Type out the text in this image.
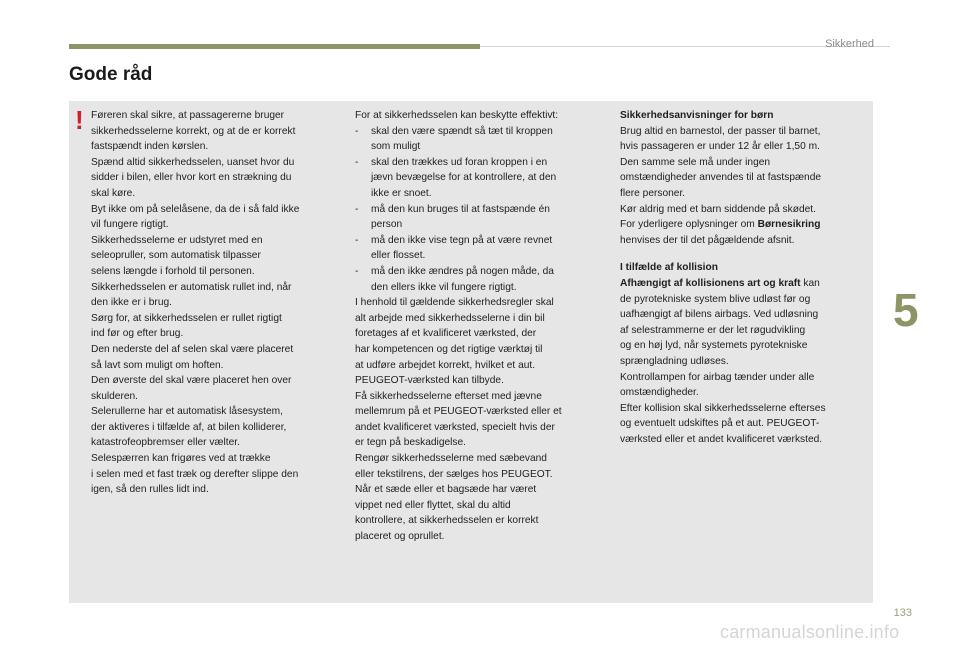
Sikkerhed
Gode råd
! Føreren skal sikre, at passagererne bruger

sikkerhedsselerne korrekt, og at de er korrekt

fastspændt inden kørslen.

Spænd altid sikkerhedsselen, uanset hvor du

sidder i bilen, eller hvor kort en strækning du

skal køre.

Byt ikke om på selelåsene, da de i så fald ikke

vil fungere rigtigt.

Sikkerhedsselerne er udstyret med en

seleopruller, som automatisk tilpasser

selens længde i forhold til personen.

Sikkerhedsselen er automatisk rullet ind, når

den ikke er i brug.

Sørg for, at sikkerhedsselen er rullet rigtigt

ind før og efter brug.

Den nederste del af selen skal være placeret

så lavt som muligt om hoften.

Den øverste del skal være placeret hen over

skulderen.

Selerullerne har et automatisk låsesystem,

der aktiveres i tilfælde af, at bilen kolliderer,

katastrofeopbremser eller vælter.

Selespærren kan frigøres ved at trække

i selen med et fast træk og derefter slippe den

igen, så den rulles lidt ind.

For at sikkerhedsselen kan beskytte effektivt:

-	skal den være spændt så tæt til kroppen

som muligt

-	skal den trækkes ud foran kroppen i en

jævn bevægelse for at kontrollere, at den

ikke er snoet.

-	må den kun bruges til at fastspænde én

person

-	må den ikke vise tegn på at være revnet

eller flosset.

-	må den ikke ændres på nogen måde, da

den ellers ikke vil fungere rigtigt.

I henhold til gældende sikkerhedsregler skal

alt arbejde med sikkerhedsselerne i din bil

foretages af et kvalificeret værksted, der

har kompetencen og det rigtige værktøj til

at udføre arbejdet korrekt, hvilket et aut.

PEUGEOT-værksted kan tilbyde.

Få sikkerhedsselerne efterset med jævne

mellemrum på et PEUGEOT-værksted eller et

andet kvalificeret værksted, specielt hvis der

er tegn på beskadigelse.

Rengør sikkerhedsselerne med sæbevand

eller tekstilrens, der sælges hos PEUGEOT.

Når et sæde eller et bagsæde har været

vippet ned eller flyttet, skal du altid

kontrollere, at sikkerhedsselen er korrekt

placeret og oprullet.

Sikkerhedsanvisninger for børn

Brug altid en barnestol, der passer til barnet,

hvis passageren er under 12 år eller 1,50 m.

Den samme sele må under ingen

omstændigheder anvendes til at fastspænde

flere personer.

Kør aldrig med et barn siddende på skødet.

For yderligere oplysninger om Børnesikring

henvises der til det pågældende afsnit.

I tilfælde af kollision

Afhængigt af kollisionens art og kraft kan

de pyrotekniske system blive udløst før og

uafhængigt af bilens airbags. Ved udløsning

af selestrammerne er der let røgudvikling

og en høj lyd, når systemets pyrotekniske

sprængladning udløses.

Kontrollampen for airbag tænder under alle

omstændigheder.

Efter kollision skal sikkerhedsselerne efterses

og eventuelt udskiftes på et aut. PEUGEOT-

værksted eller et andet kvalificeret værksted.

5
133
carmanualsonline.info
